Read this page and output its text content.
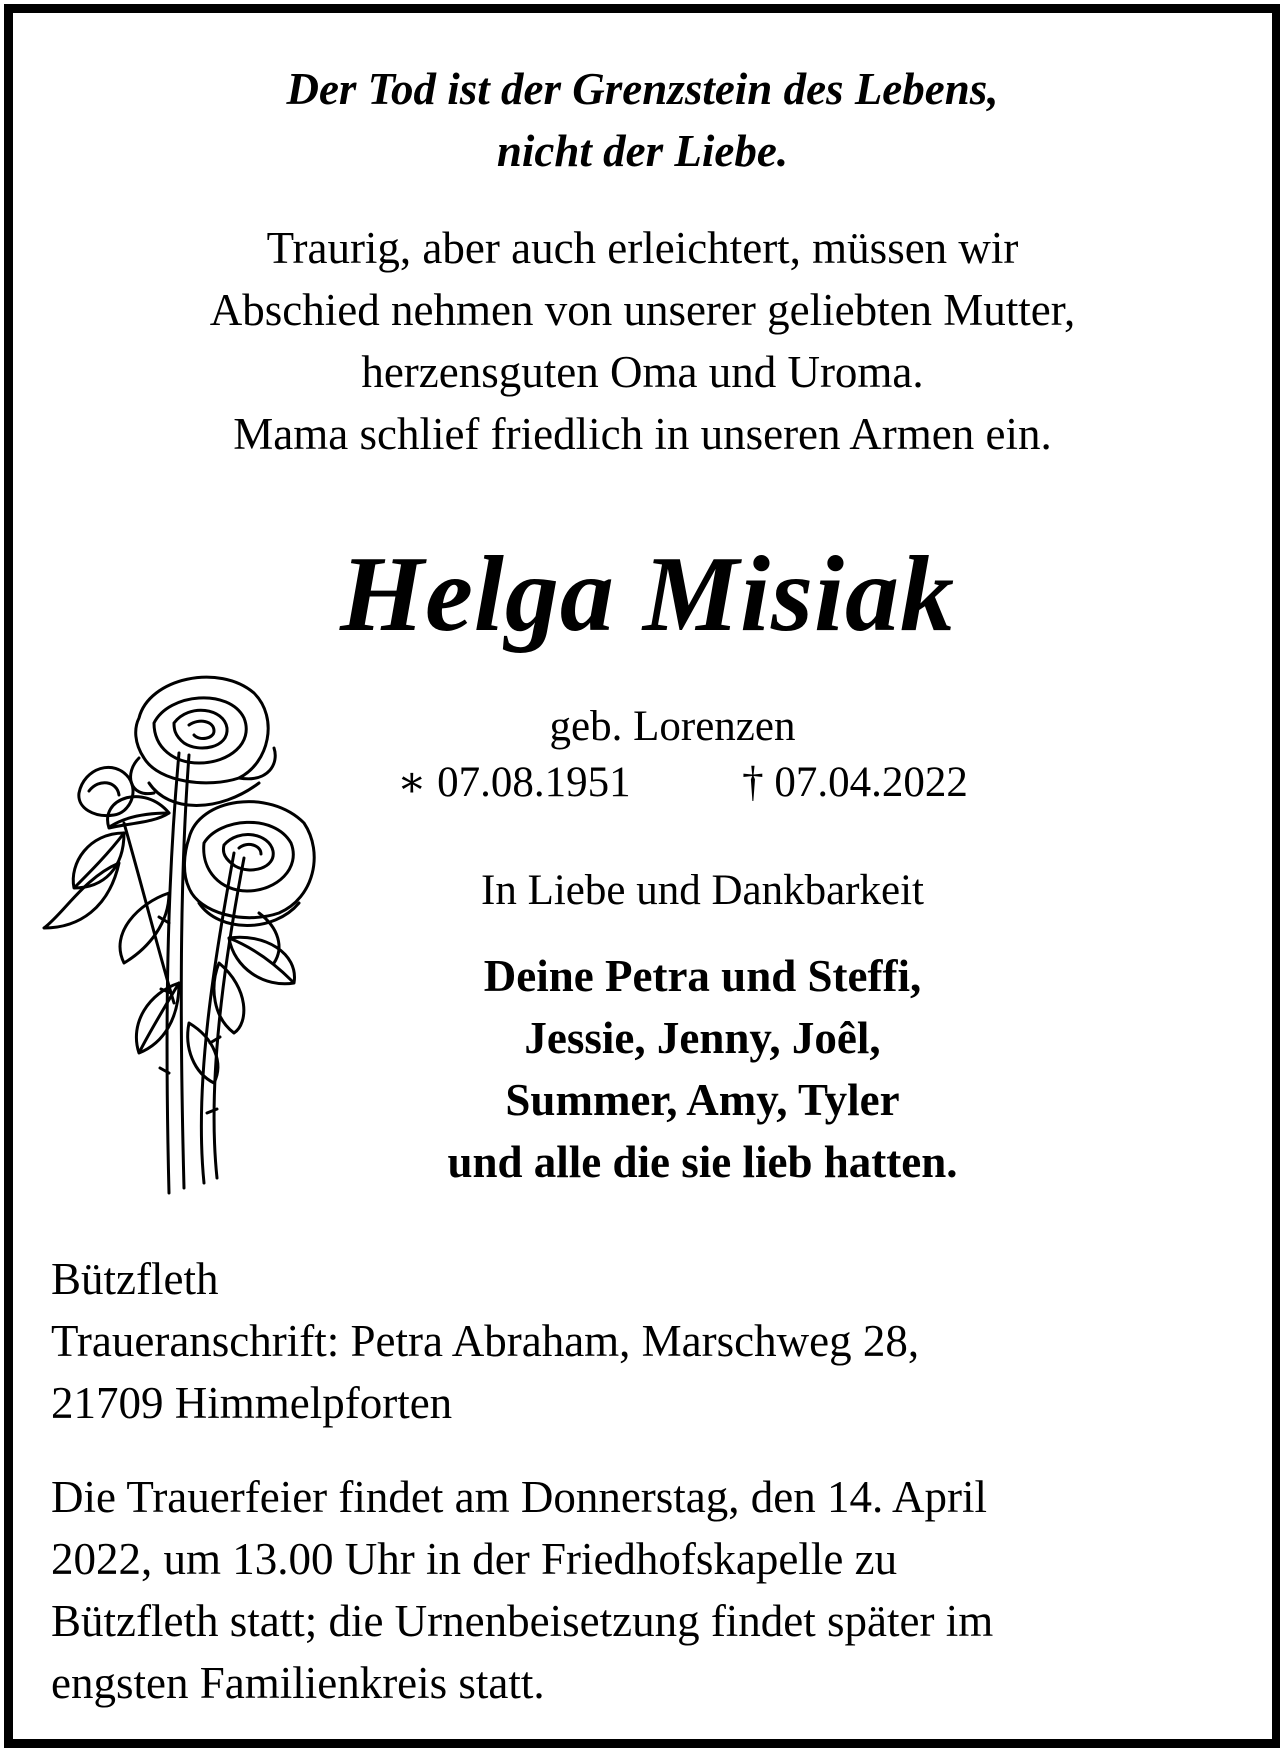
Der Tod ist der Grenzstein des Lebens,
nicht der Liebe.
Traurig, aber auch erleichtert, müssen wir
Abschied nehmen von unserer geliebten Mutter,
herzensguten Oma und Uroma.
Mama schlief friedlich in unseren Armen ein.
Helga Misiak
geb. Lorenzen
∗ 07.08.1951	† 07.04.2022
In Liebe und Dankbarkeit
Deine Petra und Steffi,
Jessie, Jenny, Joêl,
Summer, Amy, Tyler
und alle die sie lieb hatten.
Bützfleth
Traueranschrift: Petra Abraham, Marschweg 28,
21709 Himmelpforten
Die Trauerfeier findet am Donnerstag, den 14. April
2022, um 13.00 Uhr in der Friedhofskapelle zu
Bützfleth statt; die Urnenbeisetzung findet später im
engsten Familienkreis statt.
